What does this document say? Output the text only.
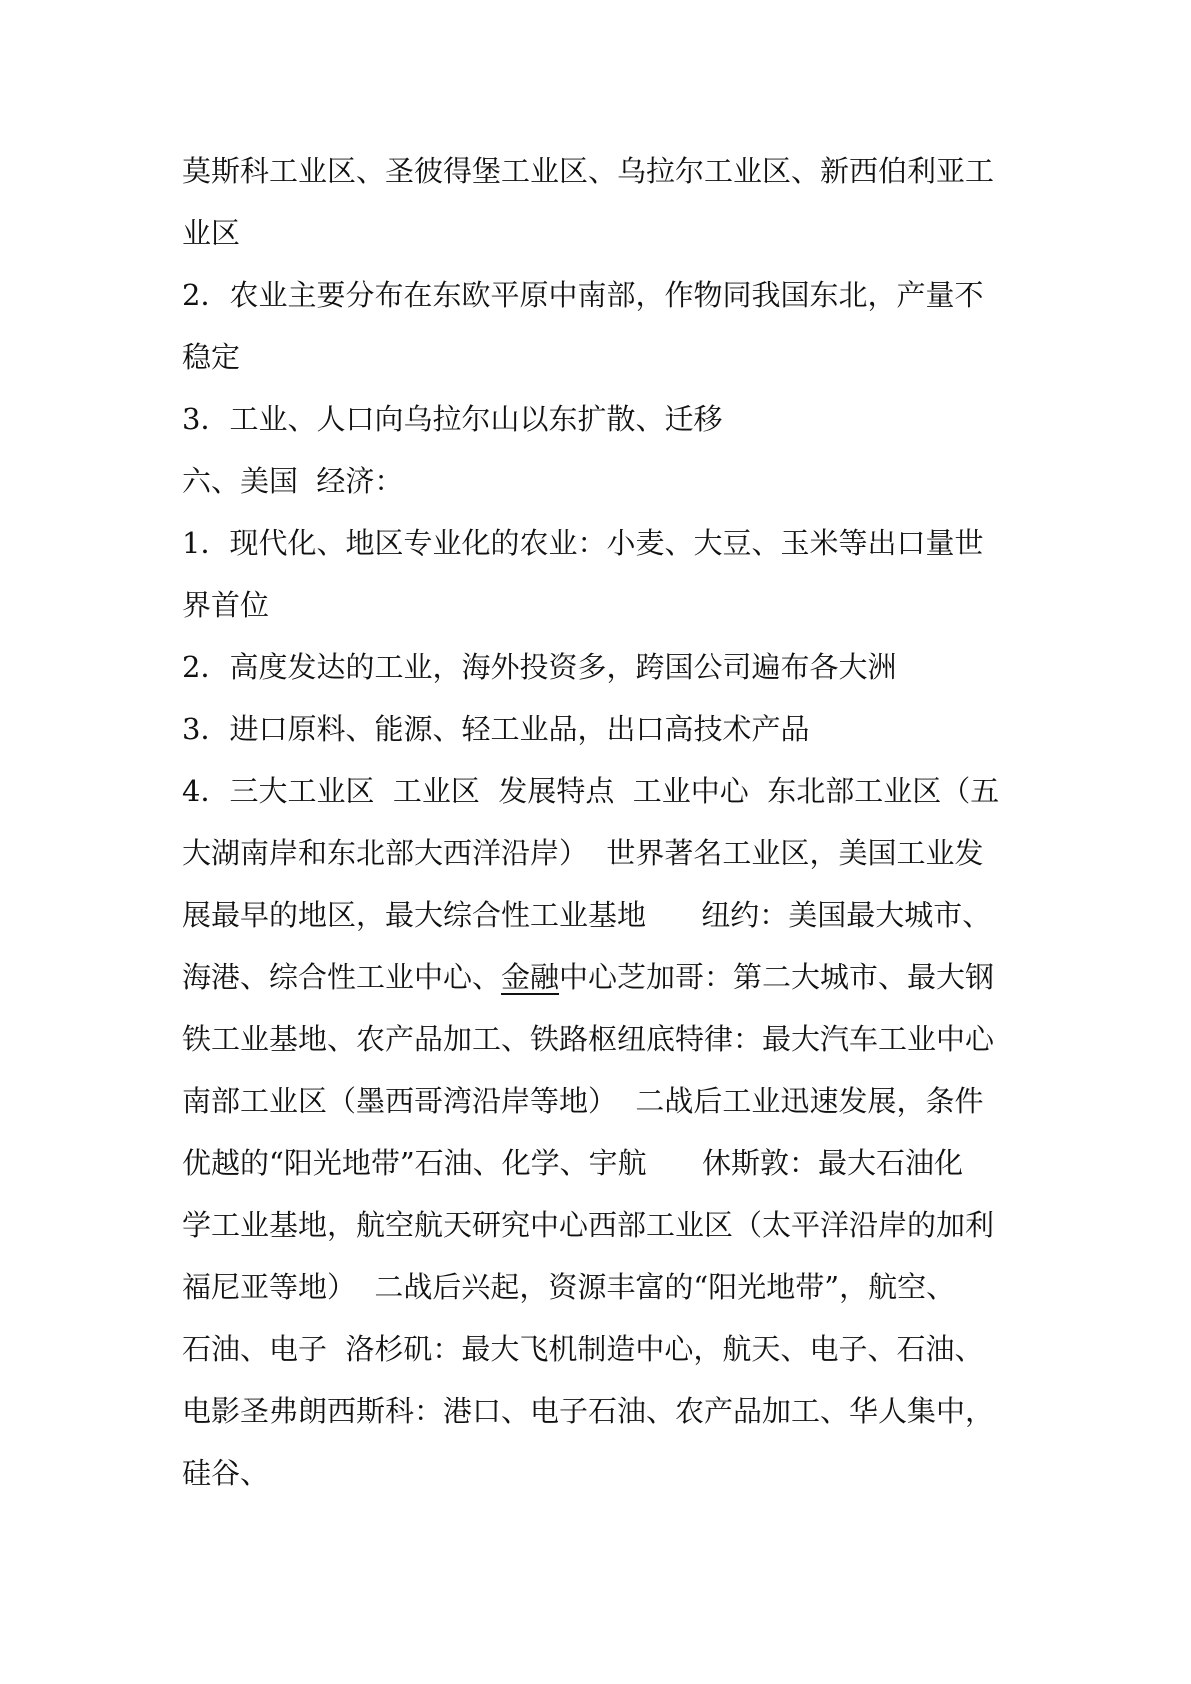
莫斯科工业区、圣彼得堡工业区、乌拉尔工业区、新西伯利亚工
业区
2．农业主要分布在东欧平原中南部，作物同我国东北，产量不
稳定
3．工业、人口向乌拉尔山以东扩散、迁移
六、美国  经济：
1．现代化、地区专业化的农业：小麦、大豆、玉米等出口量世
界首位
2．高度发达的工业，海外投资多，跨国公司遍布各大洲
3．进口原料、能源、轻工业品，出口高技术产品
4．三大工业区  工业区  发展特点  工业中心  东北部工业区（五
大湖南岸和东北部大西洋沿岸）  世界著名工业区，美国工业发
展最早的地区，最大综合性工业基地      纽约：美国最大城市、
海港、综合性工业中心、金融中心芝加哥：第二大城市、最大钢
铁工业基地、农产品加工、铁路枢纽底特律：最大汽车工业中心
南部工业区（墨西哥湾沿岸等地）  二战后工业迅速发展，条件
优越的“阳光地带”石油、化学、宇航      休斯敦：最大石油化
学工业基地，航空航天研究中心西部工业区（太平洋沿岸的加利
福尼亚等地）  二战后兴起，资源丰富的“阳光地带”，航空、
石油、电子  洛杉矶：最大飞机制造中心，航天、电子、石油、
电影圣弗朗西斯科：港口、电子石油、农产品加工、华人集中，
硅谷、
